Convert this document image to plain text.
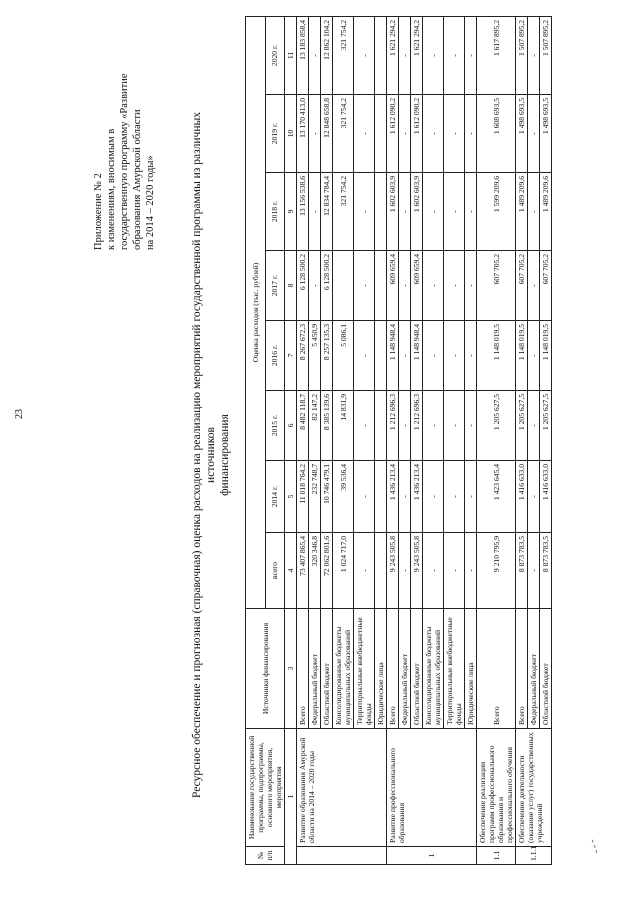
23
Приложение № 2 к изменениям, вносимым в государственную программу «Развитие образования Амурской области на 2014 – 2020 годы»	Ресурсное обеспечение и прогнозная (справочная) оценка расходов на реализацию мероприятий государственной программы из различных источников финансирования
№ п/п	Наименование государственной программы, подпрограммы, основного мероприятия, мероприятия	Источники финансирования	Оценка расходов (тыс. рублей)							
			всего	2014 г.	2015 г.	2016 г.	2017 г.	2018 г.	2019 г.	2020 г.
1		3	4	5	6	7	8	9	10	11
	Развитие образования Амурской области на 2014 – 2020 годы	Всего	73 407 865,4	11 018 764,2	8 482 118,7	8 267 672,3	6 128 500,2	13 156 538,6	13 170 413,0	13 183 858,4
		Федеральный бюджет	320 346,8	232 748,7	82 147,2	5 450,9	-	-	-	-
		Областной бюджет	72 062 801,6	10 746 479,1	8 385 139,6	8 257 135,3	6 128 500,2	12 834 784,4	12 848 658,8	12 862 104,2
		Консолидированные бюджеты муниципальных образований	1 024 717,0	39 536,4	14 831,9	5 086,1		321 754,2	321 754,2	321 754,2
		Территориальные внебюджетные фонды	-	-	-	-	-	-	-	-
		Юридические лица								
1	Развитие профессионального образования	Всего	9 243 505,8	1 436 213,4	1 212 696,3	1 148 948,4	609 659,4	1 602 603,9	1 612 090,2	1 621 294,2
		Федеральный бюджет	-	-	-	-	-	-	-	-
		Областной бюджет	9 243 505,8	1 436 213,4	1 212 696,3	1 148 948,4	609 659,4	1 602 603,9	1 612 090,2	1 621 294,2
		Консолидированные бюджеты муниципальных образований	-	-	-	-	-	-	-	-
		Территориальные внебюджетные фонды	-	-	-	-	-	-	-	-
		Юридические лица	-	-	-	-	-	-	-	-
1.1	Обеспечение реализации программ профессионального образования и профессионального обучения	Всего	9 210 795,9	1 423 645,4	1 205 627,5	1 148 019,5	607 705,2	1 599 209,6	1 608 693,5	1 617 895,2
1.1.1	Обеспечение деятельности (оказание услуг) государственных учреждений	Всего	8 873 783,5	1 416 633,0	1 205 627,5	1 148 019,5	607 705,2	1 489 209,6	1 498 693,5	1 507 895,2
		Федеральный бюджет	-	-	-	-	-	-	-	-
		Областной бюджет	8 873 783,5	1 416 633,0	1 205 627,5	1 148 019,5	607 705,2	1 489 209,6	1 498 693,5	1 507 895,2
